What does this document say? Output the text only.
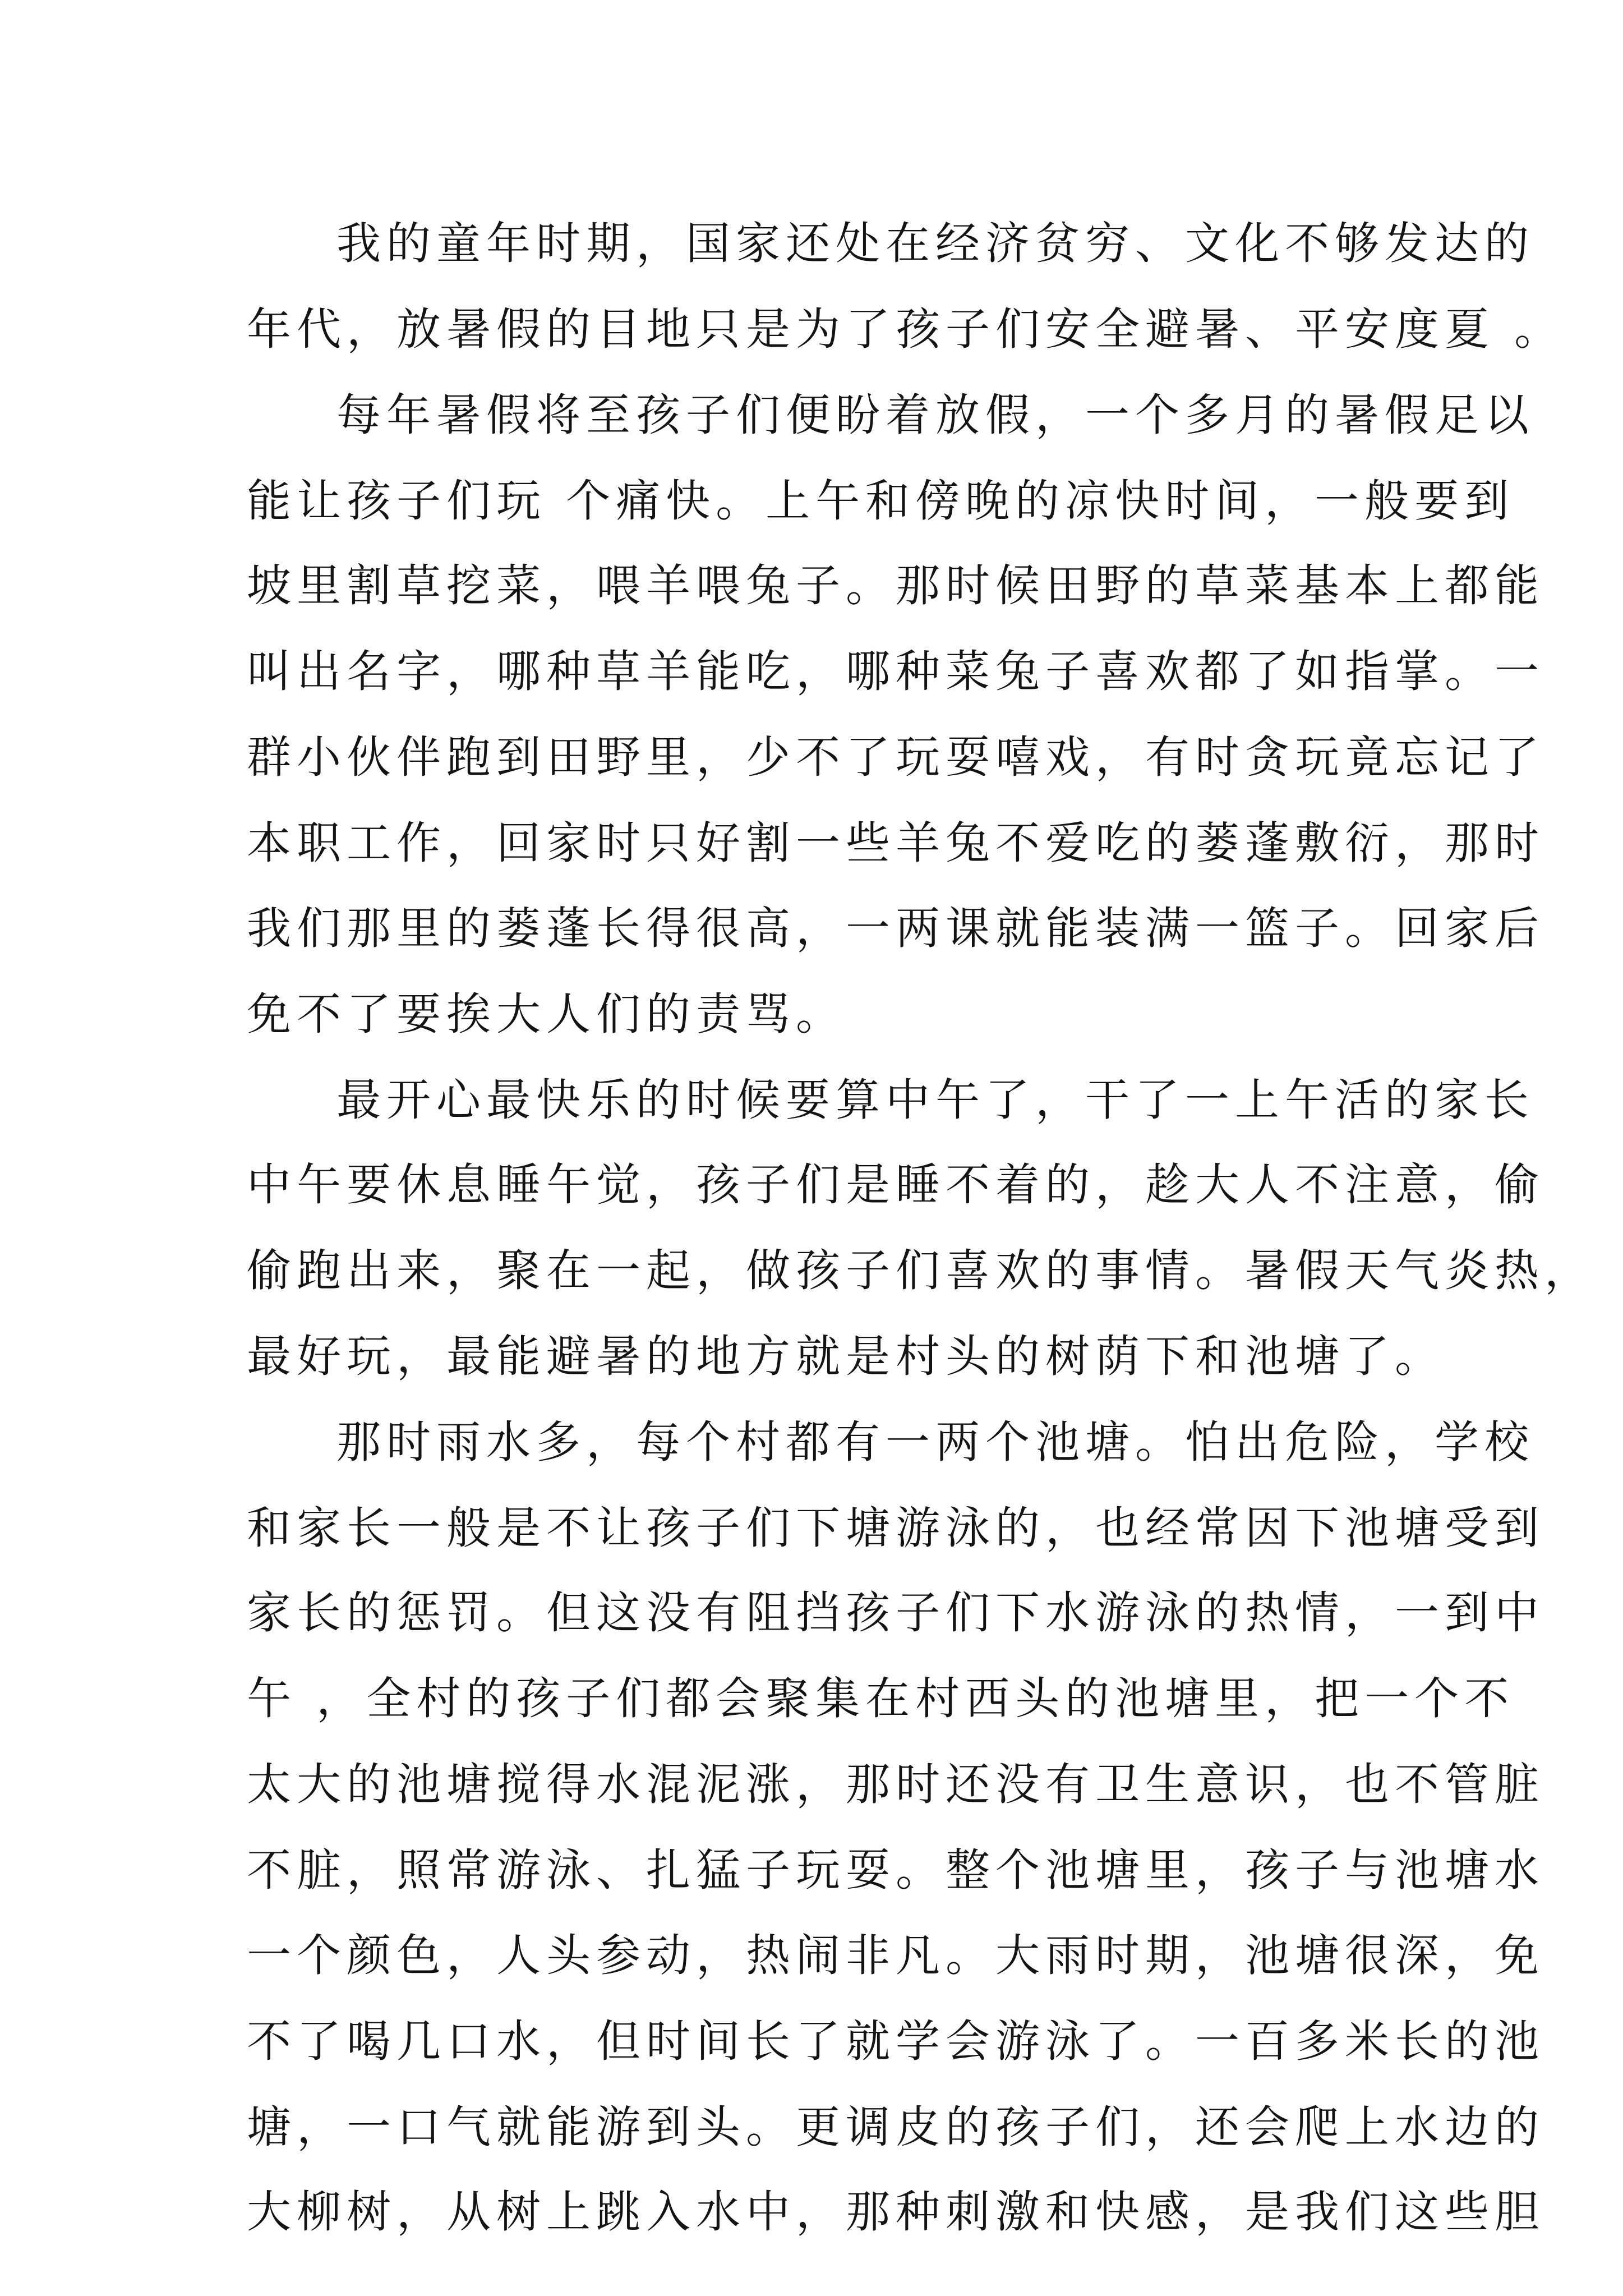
我的童年时期，国家还处在经济贫穷、文化不够发达的

年代，放暑假的目地只是为了孩子们安全避暑、平安度夏 。

每年暑假将至孩子们便盼着放假，一个多月的暑假足以

能让孩子们玩 个痛快。上午和傍晚的凉快时间，一般要到

坡里割草挖菜，喂羊喂兔子。那时候田野的草菜基本上都能

叫出名字，哪种草羊能吃，哪种菜兔子喜欢都了如指掌。一

群小伙伴跑到田野里，少不了玩耍嘻戏，有时贪玩竟忘记了

本职工作，回家时只好割一些羊兔不爱吃的蒌蓬敷衍，那时

我们那里的蒌蓬长得很高，一两课就能装满一篮子。回家后

免不了要挨大人们的责骂。

最开心最快乐的时候要算中午了，干了一上午活的家长

中午要休息睡午觉，孩子们是睡不着的，趁大人不注意，偷

偷跑出来，聚在一起，做孩子们喜欢的事情。暑假天气炎热，

最好玩，最能避暑的地方就是村头的树荫下和池塘了。

那时雨水多，每个村都有一两个池塘。怕出危险，学校

和家长一般是不让孩子们下塘游泳的，也经常因下池塘受到

家长的惩罚。但这没有阻挡孩子们下水游泳的热情，一到中

午 ，全村的孩子们都会聚集在村西头的池塘里，把一个不

太大的池塘搅得水混泥涨，那时还没有卫生意识，也不管脏

不脏，照常游泳、扎猛子玩耍。整个池塘里，孩子与池塘水

一个颜色，人头参动，热闹非凡。大雨时期，池塘很深，免

不了喝几口水，但时间长了就学会游泳了。一百多米长的池

塘，一口气就能游到头。更调皮的孩子们，还会爬上水边的

大柳树，从树上跳入水中，那种刺激和快感，是我们这些胆
